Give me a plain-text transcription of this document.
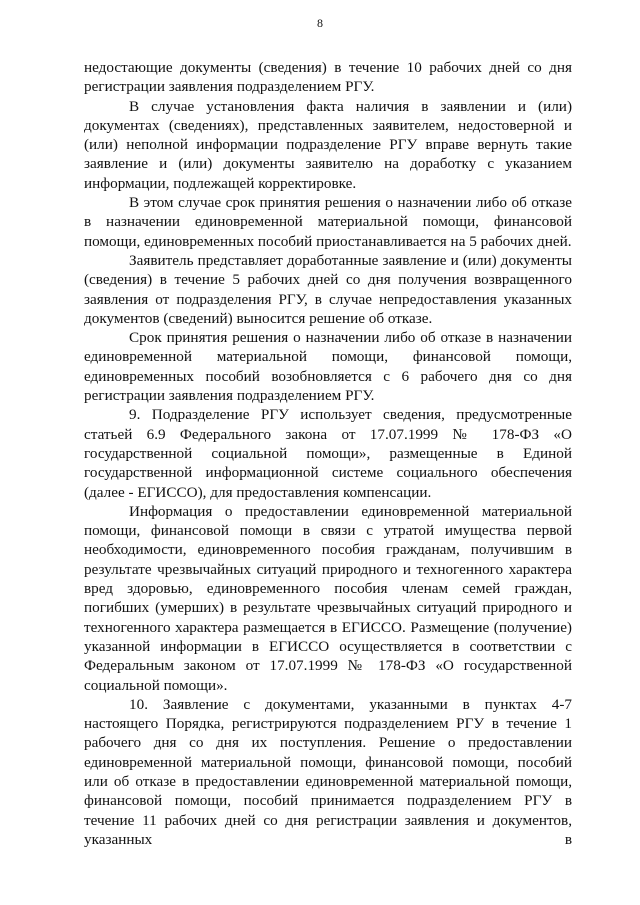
8

недостающие документы (сведения) в течение 10 рабочих дней со дня регистрации заявления подразделением РГУ.

В случае установления факта наличия в заявлении и (или) документах (сведениях), представленных заявителем, недостоверной и (или) неполной информации подразделение РГУ вправе вернуть такие заявление и (или) документы заявителю на доработку с указанием информации, подлежащей корректировке.

В этом случае срок принятия решения о назначении либо об отказе в назначении единовременной материальной помощи, финансовой помощи, единовременных пособий приостанавливается на 5 рабочих дней.

Заявитель представляет доработанные заявление и (или) документы (сведения) в течение 5 рабочих дней со дня получения возвращенного заявления от подразделения РГУ, в случае непредоставления указанных документов (сведений) выносится решение об отказе.

Срок принятия решения о назначении либо об отказе в назначении единовременной материальной помощи, финансовой помощи, единовременных пособий возобновляется с 6 рабочего дня со дня регистрации заявления подразделением РГУ.

9. Подразделение РГУ использует сведения, предусмотренные статьей 6.9 Федерального закона от 17.07.1999 № 178-ФЗ «О государственной социальной помощи», размещенные в Единой государственной информационной системе социального обеспечения (далее - ЕГИССО), для предоставления компенсации.

Информация о предоставлении единовременной материальной помощи, финансовой помощи в связи с утратой имущества первой необходимости, единовременного пособия гражданам, получившим в результате чрезвычайных ситуаций природного и техногенного характера вред здоровью, единовременного пособия членам семей граждан, погибших (умерших) в результате чрезвычайных ситуаций природного и техногенного характера размещается в ЕГИССО. Размещение (получение) указанной информации в ЕГИССО осуществляется в соответствии с Федеральным законом от 17.07.1999 № 178-ФЗ «О государственной социальной помощи».

10. Заявление с документами, указанными в пунктах 4-7 настоящего Порядка, регистрируются подразделением РГУ в течение 1 рабочего дня со дня их поступления. Решение о предоставлении единовременной материальной помощи, финансовой помощи, пособий или об отказе в предоставлении единовременной материальной помощи, финансовой помощи, пособий принимается подразделением РГУ в течение 11 рабочих дней со дня регистрации заявления и документов, указанных в
